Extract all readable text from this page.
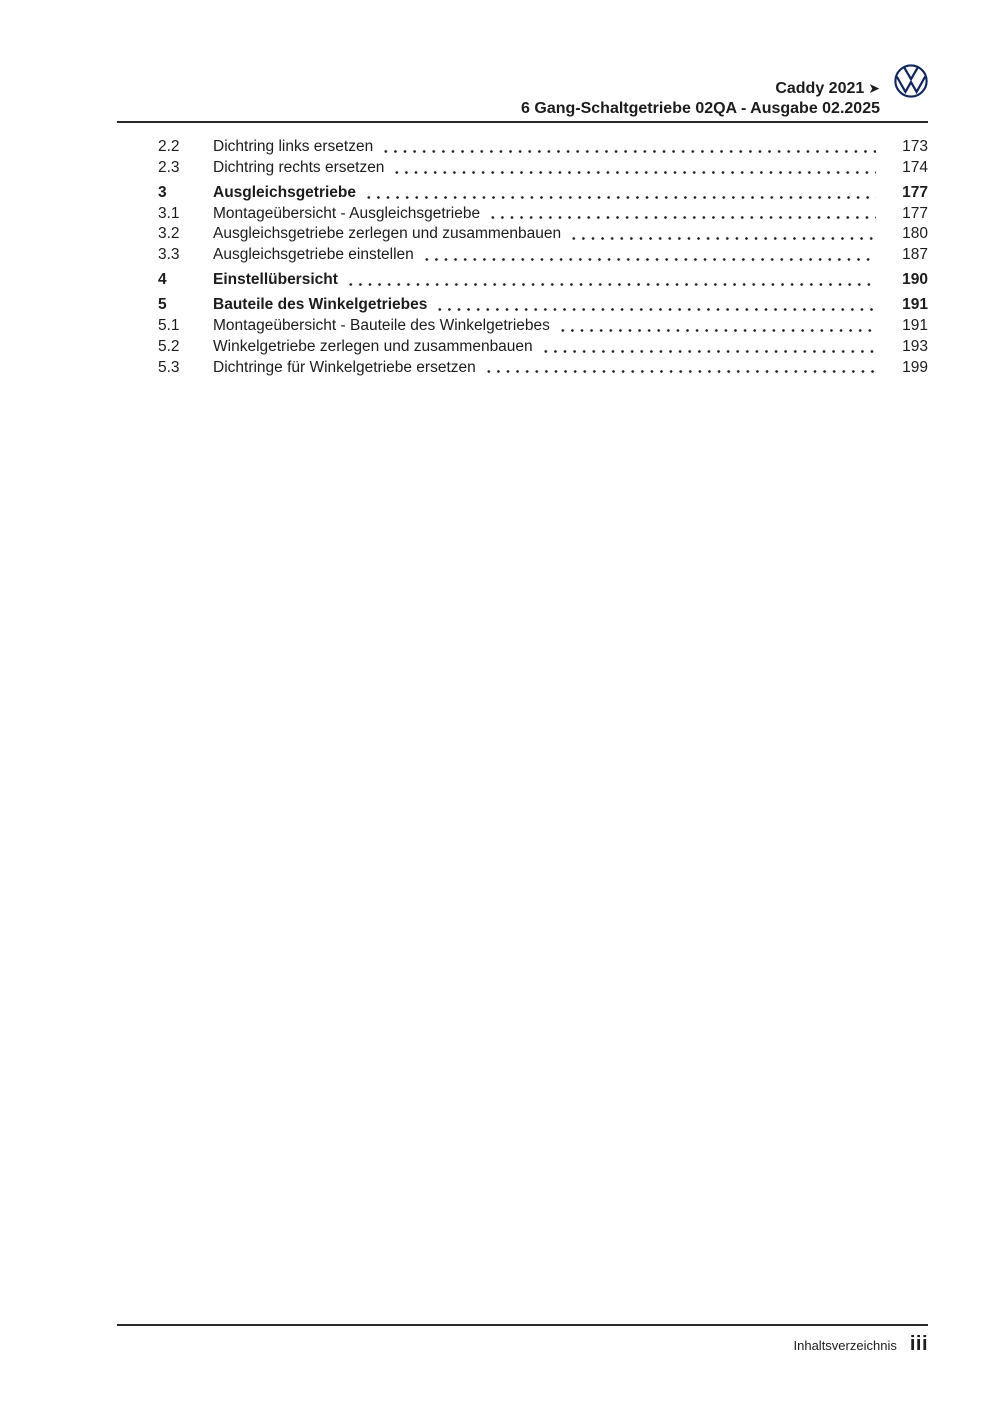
Caddy 2021 ➤
6 Gang-Schaltgetriebe 02QA - Ausgabe 02.2025
2.2	Dichtring links ersetzen	173
2.3	Dichtring rechts ersetzen	174
3	Ausgleichsgetriebe	177
3.1	Montageübersicht - Ausgleichsgetriebe	177
3.2	Ausgleichsgetriebe zerlegen und zusammenbauen	180
3.3	Ausgleichsgetriebe einstellen	187
4	Einstellübersicht	190
5	Bauteile des Winkelgetriebes	191
5.1	Montageübersicht - Bauteile des Winkelgetriebes	191
5.2	Winkelgetriebe zerlegen und zusammenbauen	193
5.3	Dichtringe für Winkelgetriebe ersetzen	199
Inhaltsverzeichnis iii
